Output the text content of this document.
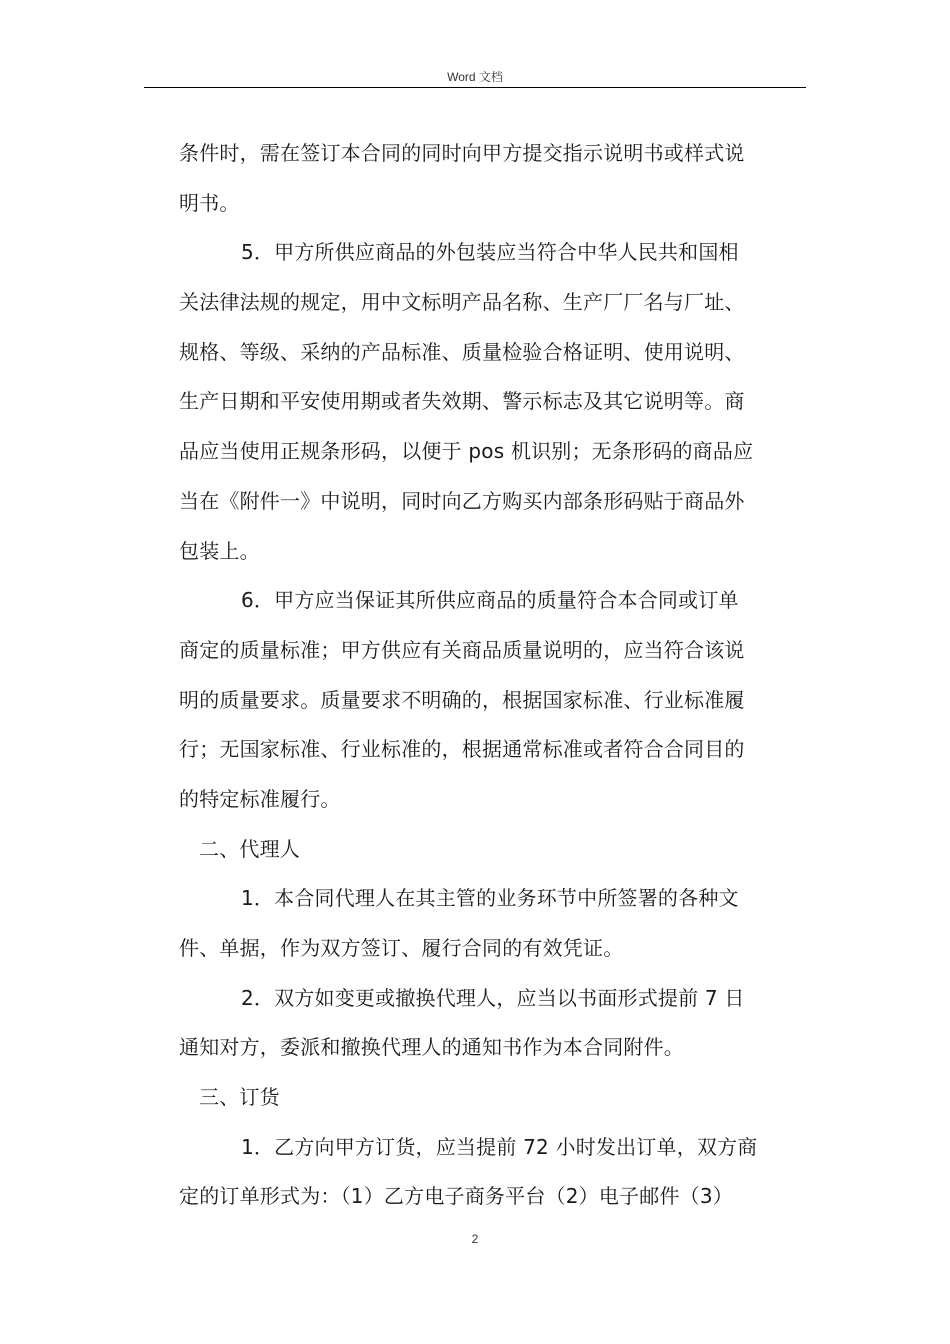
Word 文档
条件时，需在签订本合同的同时向甲方提交指示说明书或样式说
明书。
5．甲方所供应商品的外包装应当符合中华人民共和国相
关法律法规的规定，用中文标明产品名称、生产厂厂名与厂址、
规格、等级、采纳的产品标准、质量检验合格证明、使用说明、
生产日期和平安使用期或者失效期、警示标志及其它说明等。商
品应当使用正规条形码，以便于 pos 机识别；无条形码的商品应
当在《附件一》中说明，同时向乙方购买内部条形码贴于商品外
包装上。
6．甲方应当保证其所供应商品的质量符合本合同或订单
商定的质量标准；甲方供应有关商品质量说明的，应当符合该说
明的质量要求。质量要求不明确的，根据国家标准、行业标准履
行；无国家标准、行业标准的，根据通常标准或者符合合同目的
的特定标准履行。
二、代理人
1．本合同代理人在其主管的业务环节中所签署的各种文
件、单据，作为双方签订、履行合同的有效凭证。
2．双方如变更或撤换代理人，应当以书面形式提前 7 日
通知对方，委派和撤换代理人的通知书作为本合同附件。
三、订货
1．乙方向甲方订货，应当提前 72 小时发出订单，双方商
定的订单形式为：（1）乙方电子商务平台（2）电子邮件（3）
2
